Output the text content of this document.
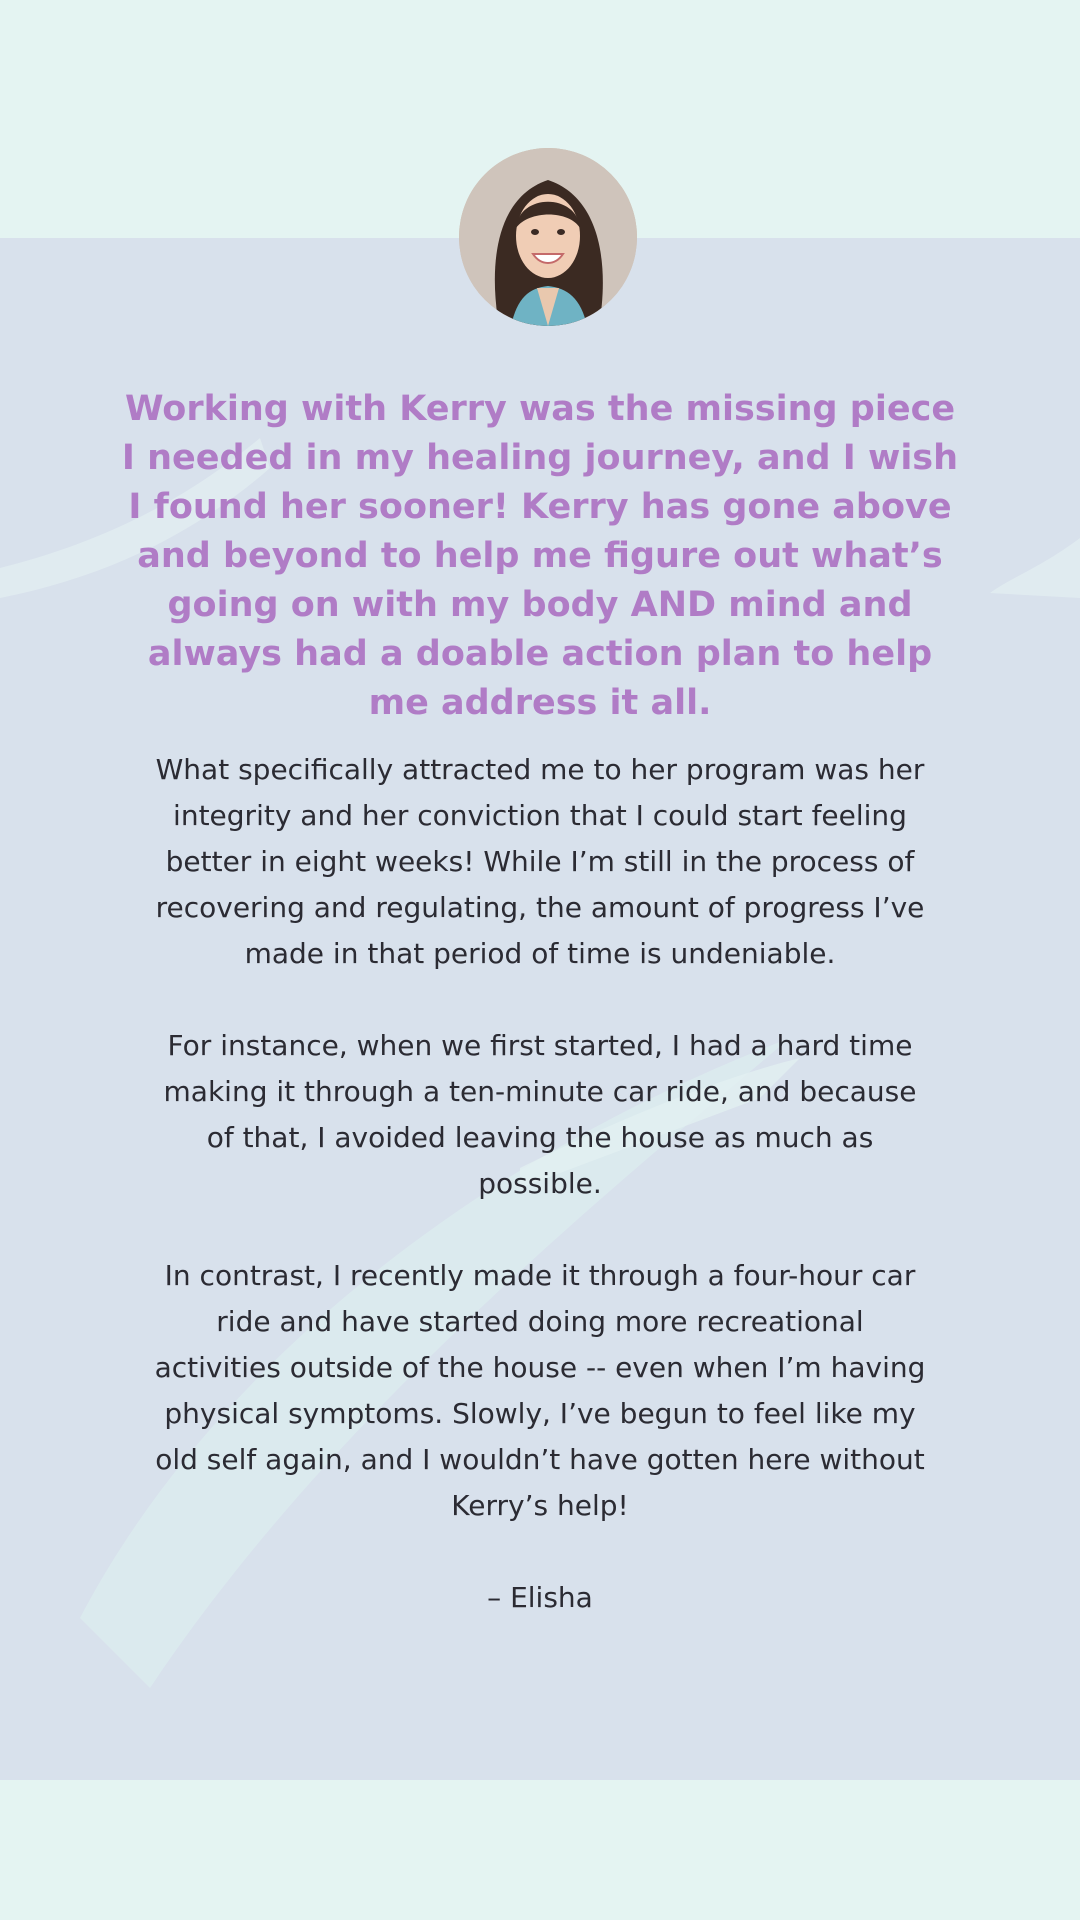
Working with Kerry was the missing piece I needed in my healing journey, and I wish I found her sooner! Kerry has gone above and beyond to help me figure out what’s going on with my body AND mind and always had a doable action plan to help me address it all.

What specifically attracted me to her program was her integrity and her conviction that I could start feeling better in eight weeks! While I’m still in the process of recovering and regulating, the amount of progress I’ve made in that period of time is undeniable.

For instance, when we first started, I had a hard time making it through a ten-minute car ride, and because of that, I avoided leaving the house as much as possible.

In contrast, I recently made it through a four-hour car ride and have started doing more recreational activities outside of the house -- even when I’m having physical symptoms. Slowly, I’ve begun to feel like my old self again, and I wouldn’t have gotten here without Kerry’s help!

– Elisha
